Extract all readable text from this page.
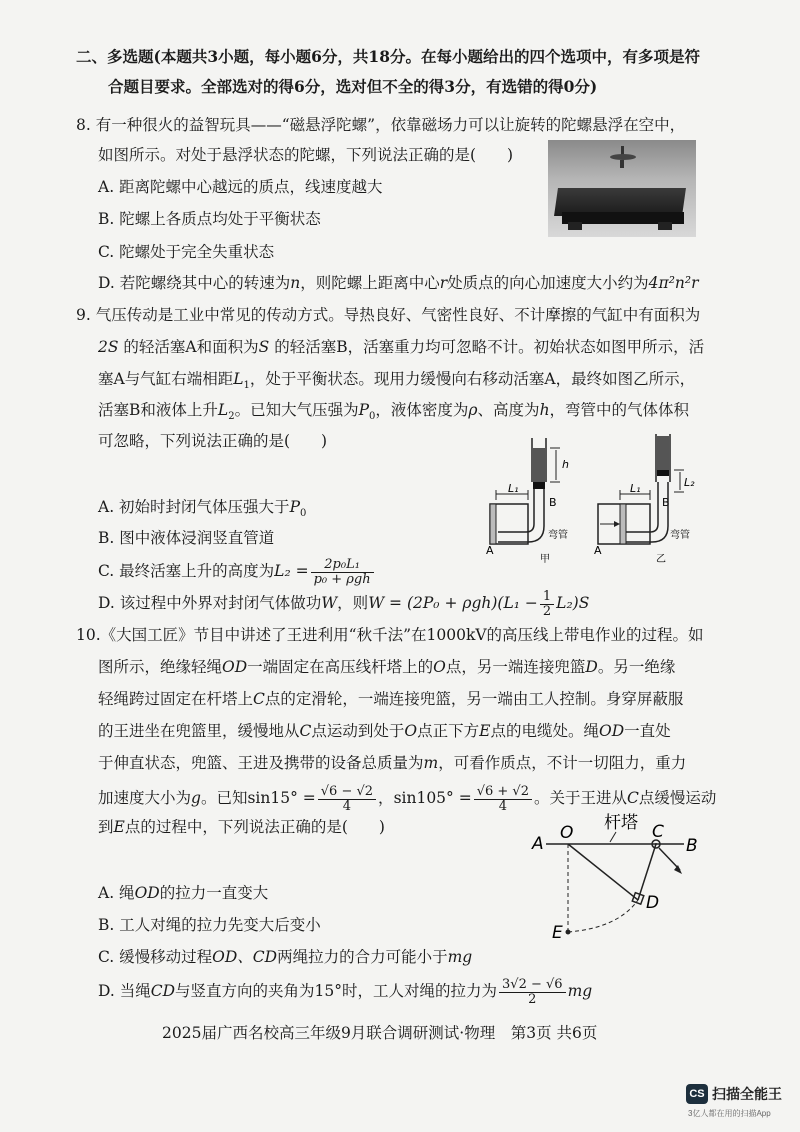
二、多选题(本题共3小题，每小题6分，共18分。在每小题给出的四个选项中，有多项是符
合题目要求。全部选对的得6分，选对但不全的得3分，有选错的得0分)
8. 有一种很火的益智玩具——“磁悬浮陀螺”，依靠磁场力可以让旋转的陀螺悬浮在空中，
如图所示。对处于悬浮状态的陀螺，下列说法正确的是(　　)
A. 距离陀螺中心越远的质点，线速度越大
B. 陀螺上各质点均处于平衡状态
C. 陀螺处于完全失重状态
D. 若陀螺绕其中心的转速为n，则陀螺上距离中心r处质点的向心加速度大小约为4π²n²r
9. 气压传动是工业中常见的传动方式。导热良好、气密性良好、不计摩擦的气缸中有面积为
2S 的轻活塞A和面积为S 的轻活塞B，活塞重力均可忽略不计。初始状态如图甲所示，活
塞A与气缸右端相距$L_1$，处于平衡状态。现用力缓慢向右移动活塞A，最终如图乙所示，
活塞B和液体上升$L_2$。已知大气压强为$P_0$，液体密度为ρ、高度为h，弯管中的气体体积
可忽略，下列说法正确的是(　　)
A. 初始时封闭气体压强大于$P_0$
B. 图中液体浸润竖直管道
C. 最终活塞上升的高度为$L_2 = \frac{\text{2p₀L₁}}{\text{p₀ + ρgh}}$
D. 该过程中外界对封闭气体做功W，则$W = (2P_0 + \rho gh)(L_1 - \frac{1}{2} L_2)S$
h
B
L₁
A
弯管
甲
L₂
B
L₁
A
弯管
乙
10.《大国工匠》节目中讲述了王进利用“秋千法”在1000kV的高压线上带电作业的过程。如
图所示，绝缘轻绳OD一端固定在高压线杆塔上的O点，另一端连接兜篮D。另一绝缘
轻绳跨过固定在杆塔上C点的定滑轮，一端连接兜篮，另一端由工人控制。身穿屏蔽服
的王进坐在兜篮里，缓慢地从C点运动到处于O点正下方E点的电缆处。绳OD一直处
于伸直状态，兜篮、王进及携带的设备总质量为m，可看作质点，不计一切阻力，重力
加速度大小为g。已知$\sin 15^\circ = \frac{√6 - √2}{4}$ ，$\sin 105^\circ = \frac{√6 + √2}{4}$ 。关于王进从C点缓慢运动
到E点的过程中，下列说法正确的是(　　)
A. 绳OD的拉力一直变大
B. 工人对绳的拉力先变大后变小
C. 缓慢移动过程OD、CD两绳拉力的合力可能小于mg
D. 当绳CD与竖直方向的夹角为15°时，工人对绳的拉力为 $\frac{3√2 - √6}{2}$ mg
A
O 杆塔 C
B
D
E
2025届广西名校高三年级9月联合调研测试·物理　第3页 共6页
CS 扫描全能王
3亿人都在用的扫描App
